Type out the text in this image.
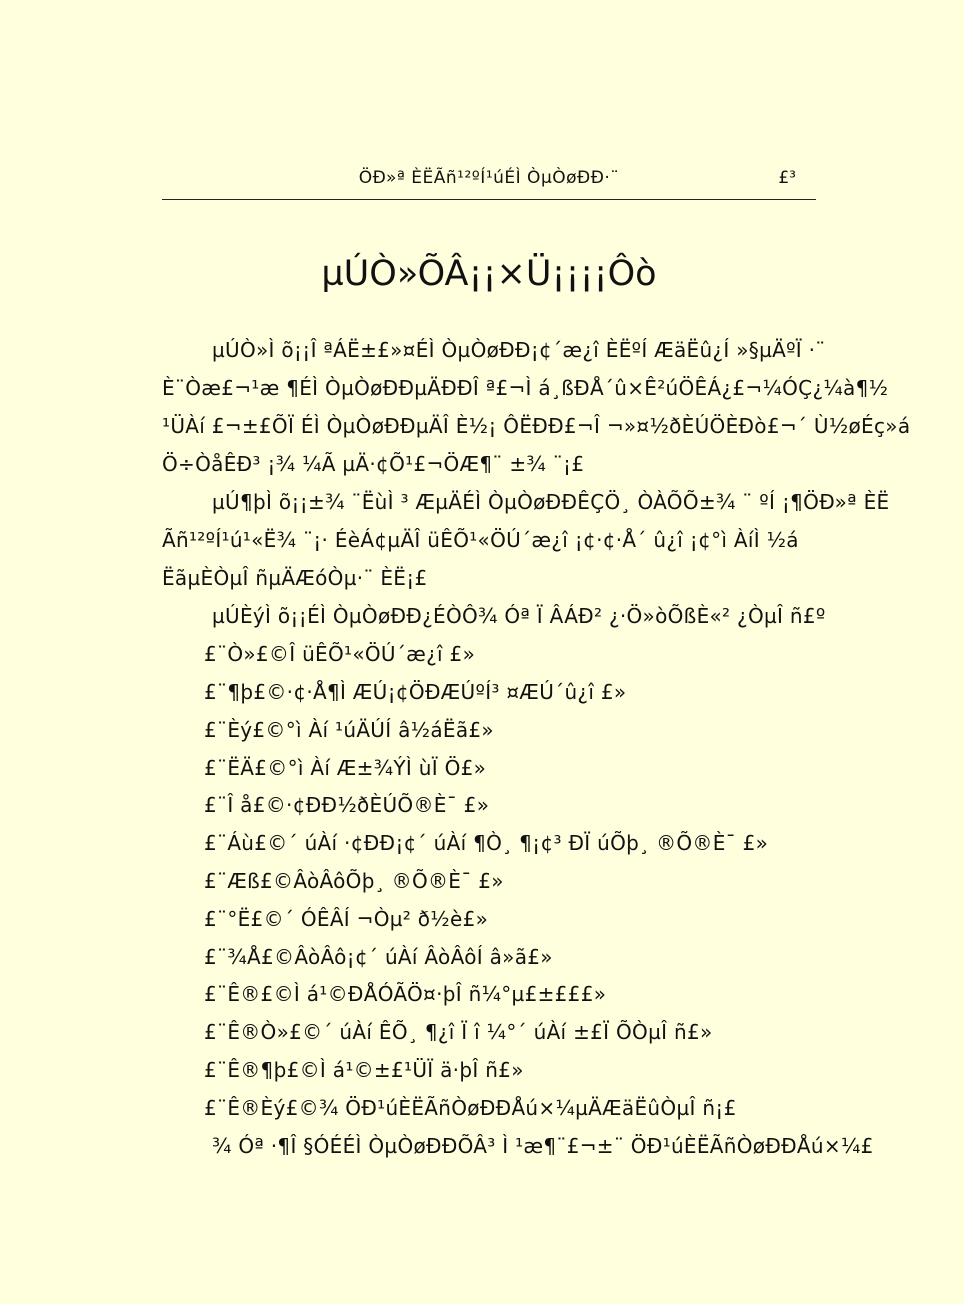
ÖÐ»ª ÈËÃñ¹²ºÍ¹úÉÌ ÒµÒøÐÐ·¨	£³
µÚÒ»ÕÂ¡¡×Ü¡¡¡¡Ôò
µÚÒ»Ì õ¡¡Î ªÁË±£»¤ÉÌ ÒµÒøÐÐ¡¢´æ¿î ÈËºÍ ÆäËû¿Í »§µÄºÏ ·¨
È¨Òæ£¬¹æ ¶ÉÌ ÒµÒøÐÐµÄÐÐÎ ª£¬Ì á¸ßÐÅ´û×Ê²úÖÊÁ¿£¬¼ÓÇ¿¼à¶½
¹ÜÀí £¬±£ÕÏ ÉÌ ÒµÒøÐÐµÄÎ È½¡ ÔËÐÐ£¬Î ¬»¤½ðÈÚÖÈÐò£¬´ Ù½øÉç»á
Ö÷ÒåÊÐ³ ¡¾ ¼Ã µÄ·¢Õ¹£¬ÖÆ¶¨ ±¾ ¨¡£
µÚ¶þÌ õ¡¡±¾ ¨ËùÌ ³ ÆµÄÉÌ ÒµÒøÐÐÊÇÖ¸ ÒÀÕÕ±¾ ¨ ºÍ ¡¶ÖÐ»ª ÈË
Ãñ¹²ºÍ¹ú¹«Ë¾ ¨¡· ÉèÁ¢µÄÎ üÊÕ¹«ÖÚ´æ¿î ¡¢·¢·Å´ û¿î ¡¢°ì ÀíÌ ½á
ËãµÈÒµÎ ñµÄÆóÒµ·¨ ÈË¡£
µÚÈýÌ õ¡¡ÉÌ ÒµÒøÐÐ¿ÉÒÔ¾ Óª Ï ÂÁÐ² ¿·Ö»òÕßÈ«² ¿ÒµÎ ñ£º
£¨Ò»£©Î üÊÕ¹«ÖÚ´æ¿î £»
£¨¶þ£©·¢·Å¶Ì ÆÚ¡¢ÖÐÆÚºÍ³ ¤ÆÚ´û¿î £»
£¨Èý£©°ì Àí ¹úÄÚÍ â½áËã£»
£¨ËÄ£©°ì Àí Æ±¾ÝÌ ùÏ Ö£»
£¨Î å£©·¢ÐÐ½ðÈÚÕ®È¯ £»
£¨Áù£©´ úÀí ·¢ÐÐ¡¢´ úÀí ¶Ò¸ ¶¡¢³ ÐÏ úÕþ¸ ®Õ®È¯ £»
£¨Æß£©ÂòÂôÕþ¸ ®Õ®È¯ £»
£¨°Ë£©´ ÓÊÂÍ ¬Òµ² ð½è£»
£¨¾Å£©ÂòÂô¡¢´ úÀí ÂòÂôÍ â»ã£»
£¨Ê®£©Ì á¹©ÐÅÓÃÖ¤·þÎ ñ¼°µ£±£££»
£¨Ê®Ò»£©´ úÀí ÊÕ¸ ¶¿î Ï î ¼°´ úÀí ±£Ï ÕÒµÎ ñ£»
£¨Ê®¶þ£©Ì á¹©±£¹ÜÏ ä·þÎ ñ£»
£¨Ê®Èý£©¾ ÖÐ¹úÈËÃñÒøÐÐÅú×¼µÄÆäËûÒµÎ ñ¡£
¾ Óª ·¶Î §ÓÉÉÌ ÒµÒøÐÐÕÂ³ Ì ¹æ¶¨£¬±¨ ÖÐ¹úÈËÃñÒøÐÐÅú×¼£
